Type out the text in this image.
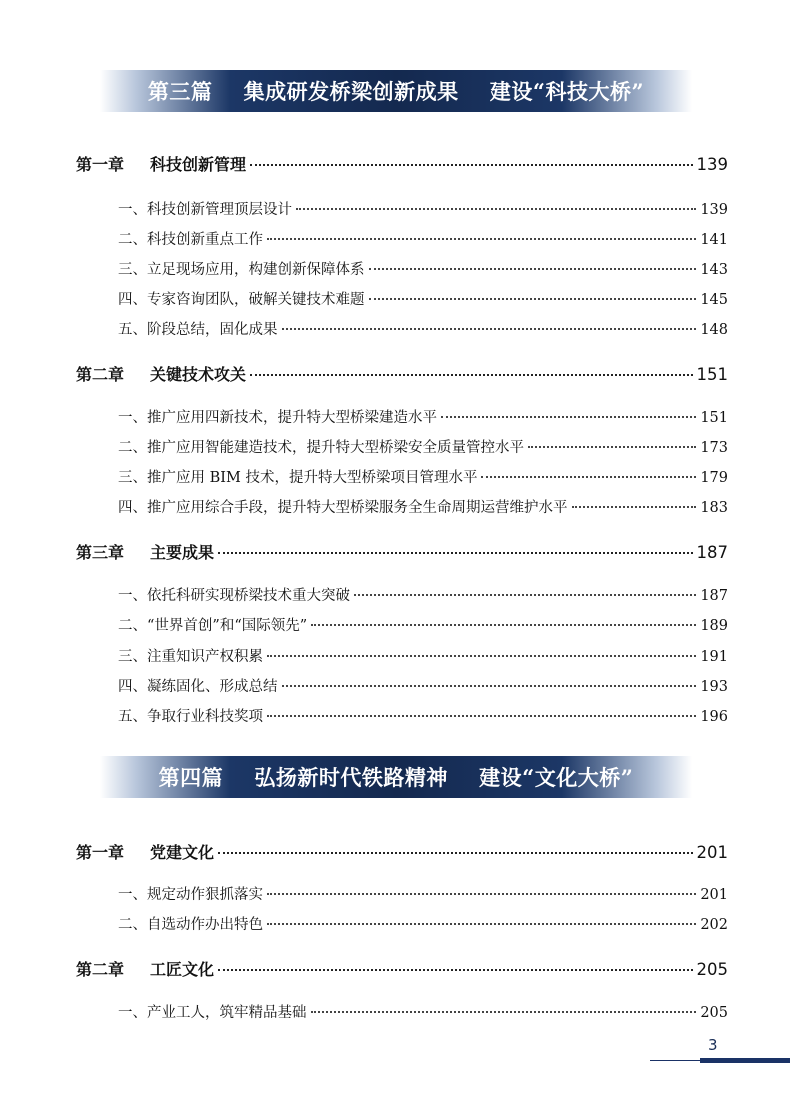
第三篇    集成研发桥梁创新成果    建设“科技大桥”
第一章	科技创新管理	139
一、科技创新管理顶层设计	139
二、科技创新重点工作	141
三、立足现场应用，构建创新保障体系	143
四、专家咨询团队，破解关键技术难题	145
五、阶段总结，固化成果	148
第二章	关键技术攻关	151
一、推广应用四新技术，提升特大型桥梁建造水平	151
二、推广应用智能建造技术，提升特大型桥梁安全质量管控水平	173
三、推广应用 BIM 技术，提升特大型桥梁项目管理水平	179
四、推广应用综合手段，提升特大型桥梁服务全生命周期运营维护水平	183
第三章	主要成果	187
一、依托科研实现桥梁技术重大突破	187
二、“世界首创”和“国际领先”	189
三、注重知识产权积累	191
四、凝练固化、形成总结	193
五、争取行业科技奖项	196
第四篇    弘扬新时代铁路精神    建设“文化大桥”
第一章	党建文化	201
一、规定动作狠抓落实	201
二、自选动作办出特色	202
第二章	工匠文化	205
一、产业工人，筑牢精品基础	205
3
